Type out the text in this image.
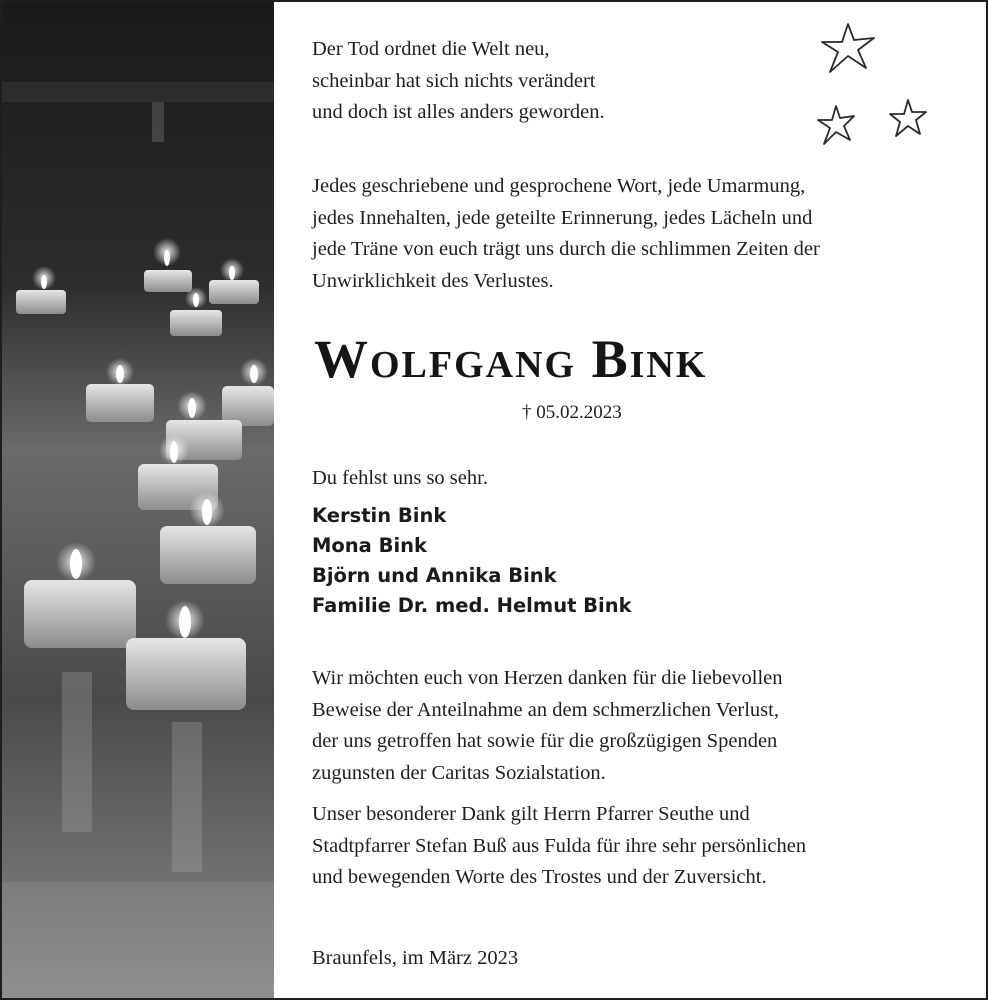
Der Tod ordnet die Welt neu,
scheinbar hat sich nichts verändert
und doch ist alles anders geworden.
Jedes geschriebene und gesprochene Wort, jede Umarmung,
jedes Innehalten, jede geteilte Erinnerung, jedes Lächeln und
jede Träne von euch trägt uns durch die schlimmen Zeiten der
Unwirklichkeit des Verlustes.
Wolfgang Bink
† 05.02.2023
Du fehlst uns so sehr.
Kerstin Bink
Mona Bink
Björn und Annika Bink
Familie Dr. med. Helmut Bink
Wir möchten euch von Herzen danken für die liebevollen
Beweise der Anteilnahme an dem schmerzlichen Verlust,
der uns getroffen hat sowie für die großzügigen Spenden
zugunsten der Caritas Sozialstation.
Unser besonderer Dank gilt Herrn Pfarrer Seuthe und
Stadtpfarrer Stefan Buß aus Fulda für ihre sehr persönlichen
und bewegenden Worte des Trostes und der Zuversicht.
Braunfels, im März 2023
